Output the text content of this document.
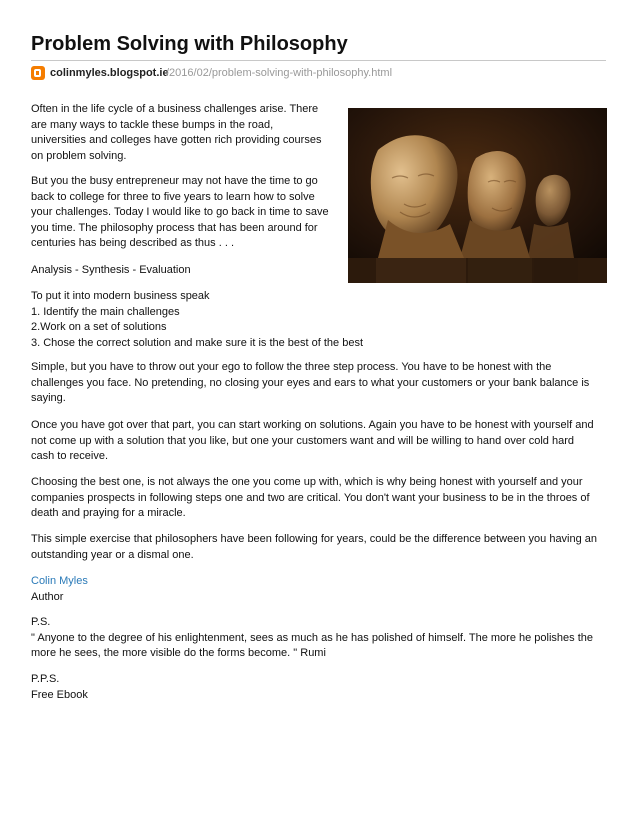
Problem Solving with Philosophy
colinmyles.blogspot.ie
/2016/02/problem-solving-with-philosophy.html

Often in the life cycle of a business challenges arise. There
are many ways to tackle these bumps in the road,
universities and colleges have gotten rich providing courses
on problem solving.

But you the busy entrepreneur may not have the time to go
back to college for three to five years to learn how to solve
your challenges. Today I would like to go back in time to save
you time. The philosophy process that has been around for
centuries has being described as thus . . .

Analysis - Synthesis - Evaluation

To put it into modern business speak
1. Identify the main challenges
2.Work on a set of solutions
3. Chose the correct solution and make sure it is the best of the best

Simple, but you have to throw out your ego to follow the three step process. You have to be honest with the
challenges you face. No pretending, no closing your eyes and ears to what your customers or your bank balance is
saying.

Once you have got over that part, you can start working on solutions. Again you have to be honest with yourself and
not come up with a solution that you like, but one your customers want and will be willing to hand over cold hard
cash to receive.

Choosing the best one, is not always the one you come up with, which is why being honest with yourself and your
companies prospects in following steps one and two are critical. You don't want your business to be in the throes of
death and praying for a miracle.

This simple exercise that philosophers have been following for years, could be the difference between you having an
outstanding year or a dismal one.

Colin Myles
Author

P.S.
" Anyone to the degree of his enlightenment, sees as much as he has polished of himself. The more he polishes the
more he sees, the more visible do the forms become. " Rumi

P.P.S.
Free Ebook
